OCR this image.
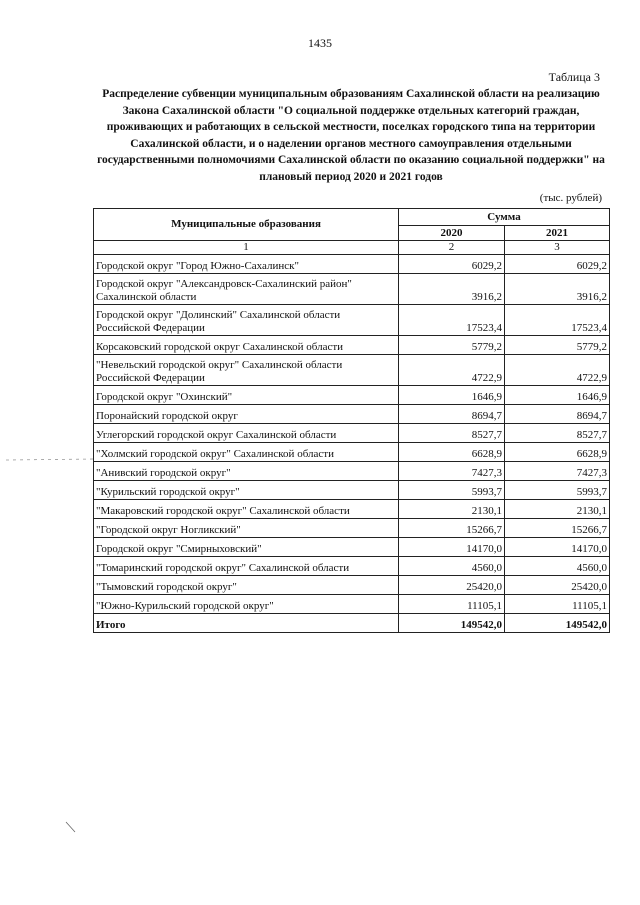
1435
Таблица 3
Распределение субвенции муниципальным образованиям Сахалинской области на реализацию Закона Сахалинской области "О социальной поддержке отдельных категорий граждан, проживающих и работающих в сельской местности, поселках городского типа на территории Сахалинской области, и о наделении органов местного самоуправления отдельными государственными полномочиями Сахалинской области по оказанию социальной поддержки" на плановый период 2020 и 2021 годов
(тыс. рублей)
Муниципальные образования	Сумма	
	2020	2021
1	2	3
Городской округ "Город Южно-Сахалинск"	6029,2	6029,2
Городской округ "Александровск-Сахалинский район" Сахалинской области	3916,2	3916,2
Городской округ "Долинский" Сахалинской области Российской Федерации	17523,4	17523,4
Корсаковский городской округ Сахалинской области	5779,2	5779,2
"Невельский городской округ" Сахалинской области Российской Федерации	4722,9	4722,9
Городской округ "Охинский"	1646,9	1646,9
Поронайский городской округ	8694,7	8694,7
Углегорский городской округ Сахалинской области	8527,7	8527,7
"Холмский городской округ" Сахалинской области	6628,9	6628,9
"Анивский городской округ"	7427,3	7427,3
"Курильский городской округ"	5993,7	5993,7
"Макаровский городской округ" Сахалинской области	2130,1	2130,1
"Городской округ Ногликский"	15266,7	15266,7
Городской округ "Смирныховский"	14170,0	14170,0
"Томаринский городской округ" Сахалинской области	4560,0	4560,0
"Тымовский городской округ"	25420,0	25420,0
"Южно-Курильский городской округ"	11105,1	11105,1
Итого	149542,0	149542,0
